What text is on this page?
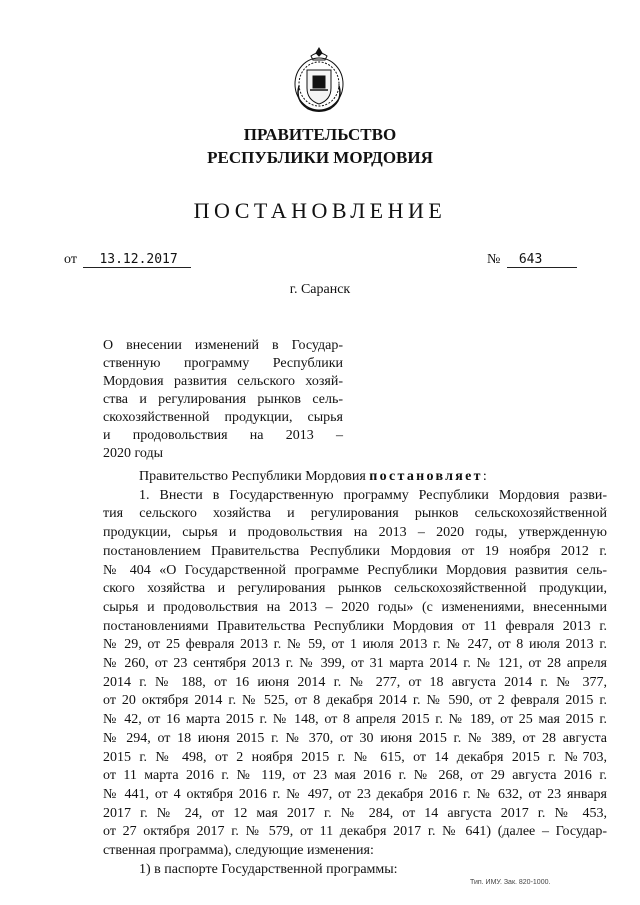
ПРАВИТЕЛЬСТВО
РЕСПУБЛИКИ МОРДОВИЯ
ПОСТАНОВЛЕНИЕ
от 13.12.2017	№ 643
г. Саранск
О внесении изменений в Государ-
ственную программу Республики
Мордовия развития сельского хозяй-
ства и регулирования рынков сель-
скохозяйственной продукции, сырья
и продовольствия на 2013 –
2020 годы
Правительство Республики Мордовия постановляет:
1. Внести в Государственную программу Республики Мордовия разви-
тия сельского хозяйства и регулирования рынков сельскохозяйственной
продукции, сырья и продовольствия на 2013 – 2020 годы, утвержденную
постановлением Правительства Республики Мордовия от 19 ноября 2012 г.
№ 404 «О Государственной программе Республики Мордовия развития сель-
ского хозяйства и регулирования рынков сельскохозяйственной продукции,
сырья и продовольствия на 2013 – 2020 годы» (с изменениями, внесенными
постановлениями Правительства Республики Мордовия от 11 февраля 2013 г.
№ 29, от 25 февраля 2013 г. № 59, от 1 июля 2013 г. № 247, от 8 июля 2013 г.
№ 260, от 23 сентября 2013 г. № 399, от 31 марта 2014 г. № 121, от 28 апреля
2014 г. № 188, от 16 июня 2014 г. № 277, от 18 августа 2014 г. № 377,
от 20 октября 2014 г. № 525, от 8 декабря 2014 г. № 590, от 2 февраля 2015 г.
№ 42, от 16 марта 2015 г. № 148, от 8 апреля 2015 г. № 189, от 25 мая 2015 г.
№ 294, от 18 июня 2015 г. № 370, от 30 июня 2015 г. № 389, от 28 августа
2015 г. № 498, от 2 ноября 2015 г. № 615, от 14 декабря 2015 г. №703,
от 11 марта 2016 г. № 119, от 23 мая 2016 г. № 268, от 29 августа 2016 г.
№ 441, от 4 октября 2016 г. № 497, от 23 декабря 2016 г. № 632, от 23 января
2017 г. № 24, от 12 мая 2017 г. № 284, от 14 августа 2017 г. № 453,
от 27 октября 2017 г. № 579, от 11 декабря 2017 г. № 641) (далее – Государ-
ственная программа), следующие изменения:
1) в паспорте Государственной программы:
Тип. ИМУ. Зак. 820-1000.
